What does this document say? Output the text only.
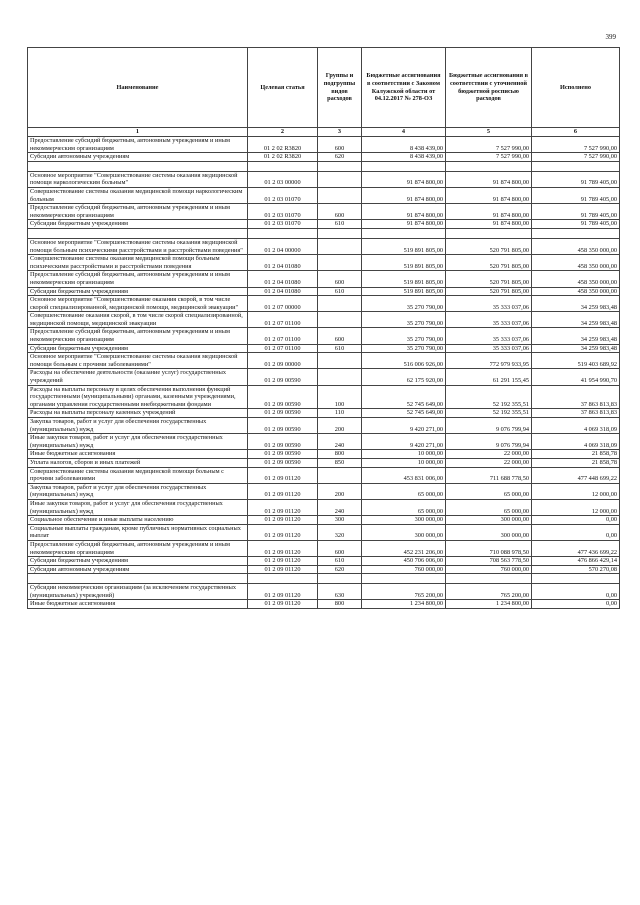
399
Наименование	Целевая статья	Группы и подгруппы видов расходов	Бюджетные ассигнования в соответствии с Законом Калужской области от 04.12.2017 № 278-ОЗ	Бюджетные ассигнования в соответствии с уточненной бюджетной росписью расходов	Исполнено
1	2	3	4	5	6
Предоставление субсидий бюджетным, автономным учреждениям и иным некоммерческим организациям	01 2 02 R3820	600	8 438 439,00	7 527 990,00	7 527 990,00
Субсидии автономным учреждениям	01 2 02 R3820	620	8 438 439,00	7 527 990,00	7 527 990,00

Основное мероприятие "Совершенствование системы оказания медицинской помощи наркологическим больным"	01 2 03 00000		91 874 800,00	91 874 800,00	91 789 405,00
Совершенствование системы оказания медицинской помощи наркологическим больным	01 2 03 01070		91 874 800,00	91 874 800,00	91 789 405,00
Предоставление субсидий бюджетным, автономным учреждениям и иным некоммерческим организациям	01 2 03 01070	600	91 874 800,00	91 874 800,00	91 789 405,00
Субсидии бюджетным учреждениям	01 2 03 01070	610	91 874 800,00	91 874 800,00	91 789 405,00

Основное мероприятие "Совершенствование системы оказания медицинской помощи больным психическими расстройствами и расстройствами поведения"	01 2 04 00000		519 891 805,00	520 791 805,00	458 350 000,00
Совершенствование системы оказания медицинской помощи больным психическими расстройствами и расстройствами поведения	01 2 04 01080		519 891 805,00	520 791 805,00	458 350 000,00
Предоставление субсидий бюджетным, автономным учреждениям и иным некоммерческим организациям	01 2 04 01080	600	519 891 805,00	520 791 805,00	458 350 000,00
Субсидии бюджетным учреждениям	01 2 04 01080	610	519 891 805,00	520 791 805,00	458 350 000,00
Основное мероприятие "Совершенствование оказания скорой, в том числе скорой специализированной, медицинской помощи, медицинской эвакуации"	01 2 07 00000		35 270 790,00	35 333 037,06	34 259 983,48
Совершенствование оказания скорой, в том числе скорой специализированной, медицинской помощи, медицинской эвакуации	01 2 07 01100		35 270 790,00	35 333 037,06	34 259 983,48
Предоставление субсидий бюджетным, автономным учреждениям и иным некоммерческим организациям	01 2 07 01100	600	35 270 790,00	35 333 037,06	34 259 983,48
Субсидии бюджетным учреждениям	01 2 07 01100	610	35 270 790,00	35 333 037,06	34 259 983,48
Основное мероприятие "Совершенствование системы оказания медицинской помощи больным с прочими заболеваниями"	01 2 09 00000		516 006 926,00	772 979 933,95	519 403 689,92
Расходы на обеспечение деятельности (оказание услуг) государственных учреждений	01 2 09 00590		62 175 920,00	61 291 155,45	41 954 990,70
Расходы на выплаты персоналу в целях обеспечения выполнения функций государственными (муниципальными) органами, казенными учреждениями, органами управления государственными внебюджетными фондами	01 2 09 00590	100	52 745 649,00	52 192 355,51	37 863 813,83
Расходы на выплаты персоналу казенных учреждений	01 2 09 00590	110	52 745 649,00	52 192 355,51	37 863 813,83
Закупка товаров, работ и услуг для обеспечения государственных (муниципальных) нужд	01 2 09 00590	200	9 420 271,00	9 076 799,94	4 069 318,09
Иные закупки товаров, работ и услуг для обеспечения государственных (муниципальных) нужд	01 2 09 00590	240	9 420 271,00	9 076 799,94	4 069 318,09
Иные бюджетные ассигнования	01 2 09 00590	800	10 000,00	22 000,00	21 858,78
Уплата налогов, сборов и иных платежей	01 2 09 00590	850	10 000,00	22 000,00	21 858,78
Совершенствование системы оказания медицинской помощи больным с прочими заболеваниями	01 2 09 01120		453 831 006,00	711 688 778,50	477 448 699,22
Закупка товаров, работ и услуг для обеспечения государственных (муниципальных) нужд	01 2 09 01120	200	65 000,00	65 000,00	12 000,00
Иные закупки товаров, работ и услуг для обеспечения государственных (муниципальных) нужд	01 2 09 01120	240	65 000,00	65 000,00	12 000,00
Социальное обеспечение и иные выплаты населению	01 2 09 01120	300	300 000,00	300 000,00	0,00
Социальные выплаты гражданам, кроме публичных нормативных социальных выплат	01 2 09 01120	320	300 000,00	300 000,00	0,00
Предоставление субсидий бюджетным, автономным учреждениям и иным некоммерческим организациям	01 2 09 01120	600	452 231 206,00	710 088 978,50	477 436 699,22
Субсидии бюджетным учреждениям	01 2 09 01120	610	450 706 006,00	708 563 778,50	476 866 429,14
Субсидии автономным учреждениям	01 2 09 01120	620	760 000,00	760 000,00	570 270,08

Субсидии некоммерческим организациям (за исключением государственных (муниципальных) учреждений)	01 2 09 01120	630	765 200,00	765 200,00	0,00
Иные бюджетные ассигнования	01 2 09 01120	800	1 234 800,00	1 234 800,00	0,00
